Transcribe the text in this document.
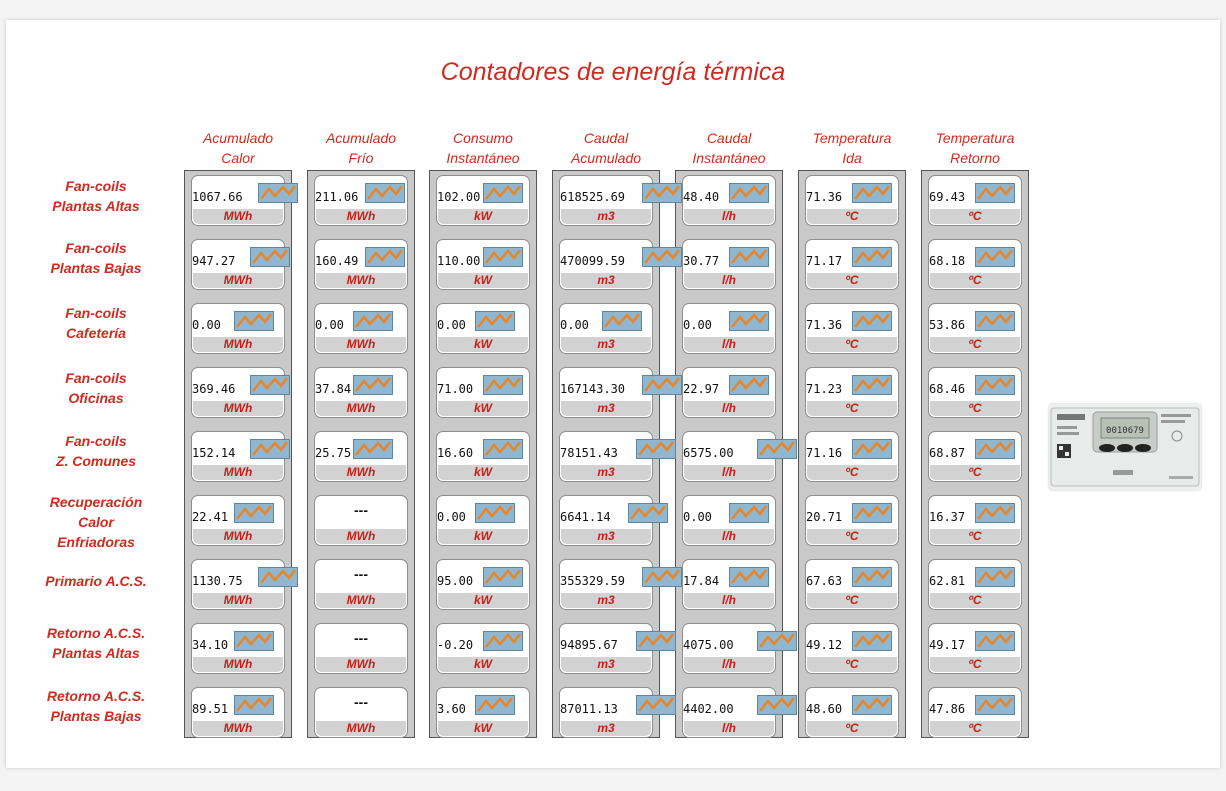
Contadores de energía térmica
Acumulado
Calor
Acumulado
Frío
Consumo
Instantáneo
Caudal
Acumulado
Caudal
Instantáneo
Temperatura
Ida
Temperatura
Retorno
Fan-coils
Plantas Altas
Fan-coils
Plantas Bajas
Fan-coils
Cafetería
Fan-coils
Oficinas
Fan-coils
Z. Comunes
Recuperación
Calor
Enfriadoras
Primario A.C.S.
Retorno A.C.S.
Plantas Altas
Retorno A.C.S.
Plantas Bajas
1067.66
MWh
211.06
MWh
102.00
kW
618525.69
m3
48.40
l/h
71.36
ºC
69.43
ºC
947.27
MWh
160.49
MWh
110.00
kW
470099.59
m3
30.77
l/h
71.17
ºC
68.18
ºC
0.00
MWh
0.00
MWh
0.00
kW
0.00
m3
0.00
l/h
71.36
ºC
53.86
ºC
369.46
MWh
37.84
MWh
71.00
kW
167143.30
m3
22.97
l/h
71.23
ºC
68.46
ºC
152.14
MWh
25.75
MWh
16.60
kW
78151.43
m3
6575.00
l/h
71.16
ºC
68.87
ºC
22.41
MWh
---
MWh
0.00
kW
6641.14
m3
0.00
l/h
20.71
ºC
16.37
ºC
1130.75
MWh
---
MWh
95.00
kW
355329.59
m3
17.84
l/h
67.63
ºC
62.81
ºC
34.10
MWh
---
MWh
-0.20
kW
94895.67
m3
4075.00
l/h
49.12
ºC
49.17
ºC
89.51
MWh
---
MWh
3.60
kW
87011.13
m3
4402.00
l/h
48.60
ºC
47.86
ºC
0010679
